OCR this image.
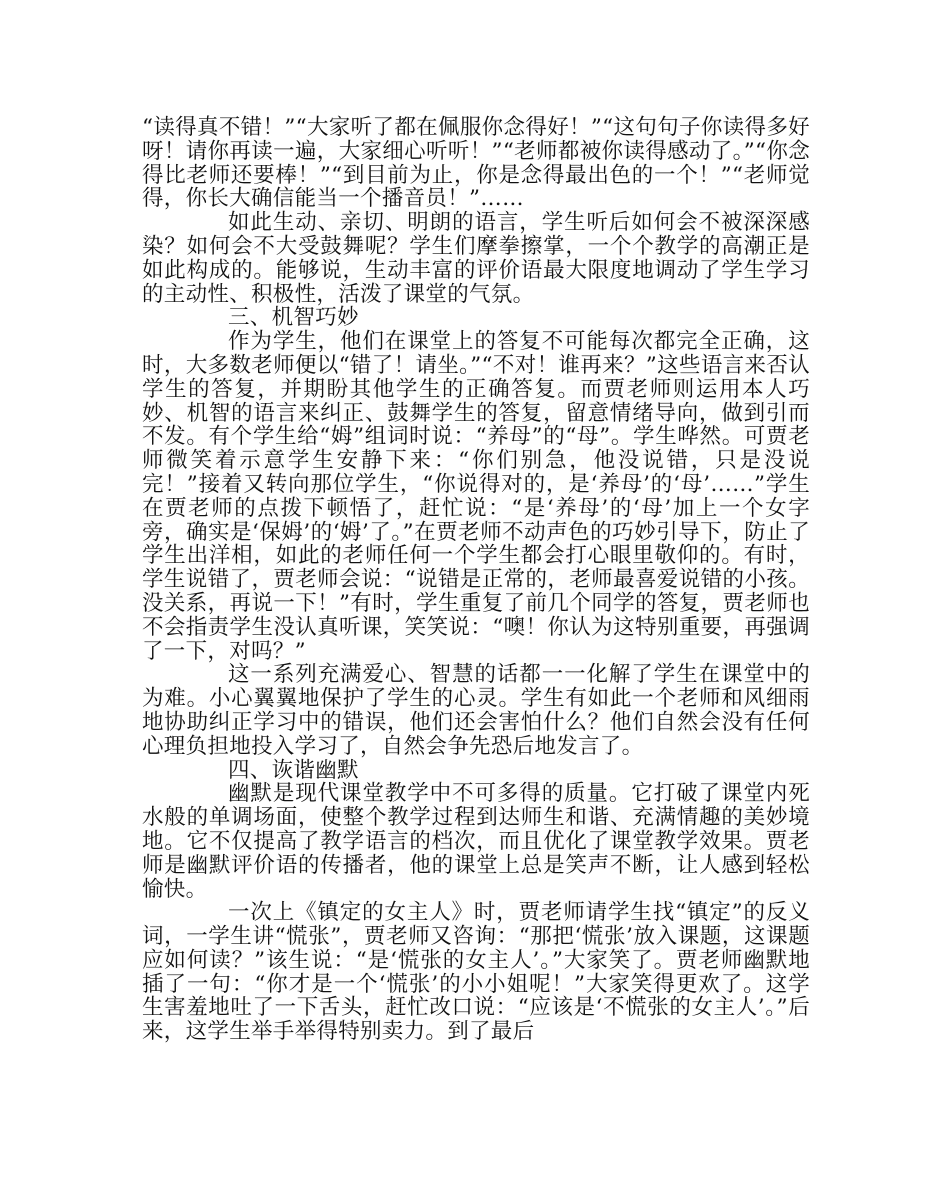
“读得真不错！”“大家听了都在佩服你念得好！”“这句句子你读得多好呀！请你再读一遍，大家细心听听！”“老师都被你读得感动了。”“你念得比老师还要棒！”“到目前为止，你是念得最出色的一个！”“老师觉得，你长大确信能当一个播音员！”……

如此生动、亲切、明朗的语言，学生听后如何会不被深深感染？如何会不大受鼓舞呢？学生们摩拳擦掌，一个个教学的高潮正是如此构成的。能够说，生动丰富的评价语最大限度地调动了学生学习的主动性、积极性，活泼了课堂的气氛。

三、机智巧妙

作为学生，他们在课堂上的答复不可能每次都完全正确，这时，大多数老师便以“错了！请坐。”“不对！谁再来？”这些语言来否认学生的答复，并期盼其他学生的正确答复。而贾老师则运用本人巧妙、机智的语言来纠正、鼓舞学生的答复，留意情绪导向，做到引而不发。有个学生给“姆”组词时说：“养母”的“母”。学生哗然。可贾老师微笑着示意学生安静下来：“你们别急，他没说错，只是没说完！”接着又转向那位学生，“你说得对的，是‘养母’的‘母’……”学生在贾老师的点拨下顿悟了，赶忙说：“是‘养母’的‘母’加上一个女字旁，确实是‘保姆’的‘姆’了。”在贾老师不动声色的巧妙引导下，防止了学生出洋相，如此的老师任何一个学生都会打心眼里敬仰的。有时，学生说错了，贾老师会说：“说错是正常的，老师最喜爱说错的小孩。没关系，再说一下！”有时，学生重复了前几个同学的答复，贾老师也不会指责学生没认真听课，笑笑说：“噢！你认为这特别重要，再强调了一下，对吗？”

这一系列充满爱心、智慧的话都一一化解了学生在课堂中的为难。小心翼翼地保护了学生的心灵。学生有如此一个老师和风细雨地协助纠正学习中的错误，他们还会害怕什么？他们自然会没有任何心理负担地投入学习了，自然会争先恐后地发言了。

四、诙谐幽默

幽默是现代课堂教学中不可多得的质量。它打破了课堂内死水般的单调场面，使整个教学过程到达师生和谐、充满情趣的美妙境地。它不仅提高了教学语言的档次，而且优化了课堂教学效果。贾老师是幽默评价语的传播者，他的课堂上总是笑声不断，让人感到轻松愉快。

一次上《镇定的女主人》时，贾老师请学生找“镇定”的反义词，一学生讲“慌张”，贾老师又咨询：“那把‘慌张’放入课题，这课题应如何读？”该生说：“是‘慌张的女主人’。”大家笑了。贾老师幽默地插了一句：“你才是一个‘慌张’的小小姐呢！”大家笑得更欢了。这学生害羞地吐了一下舌头，赶忙改口说：“应该是‘不慌张的女主人’。”后来，这学生举手举得特别卖力。到了最后
